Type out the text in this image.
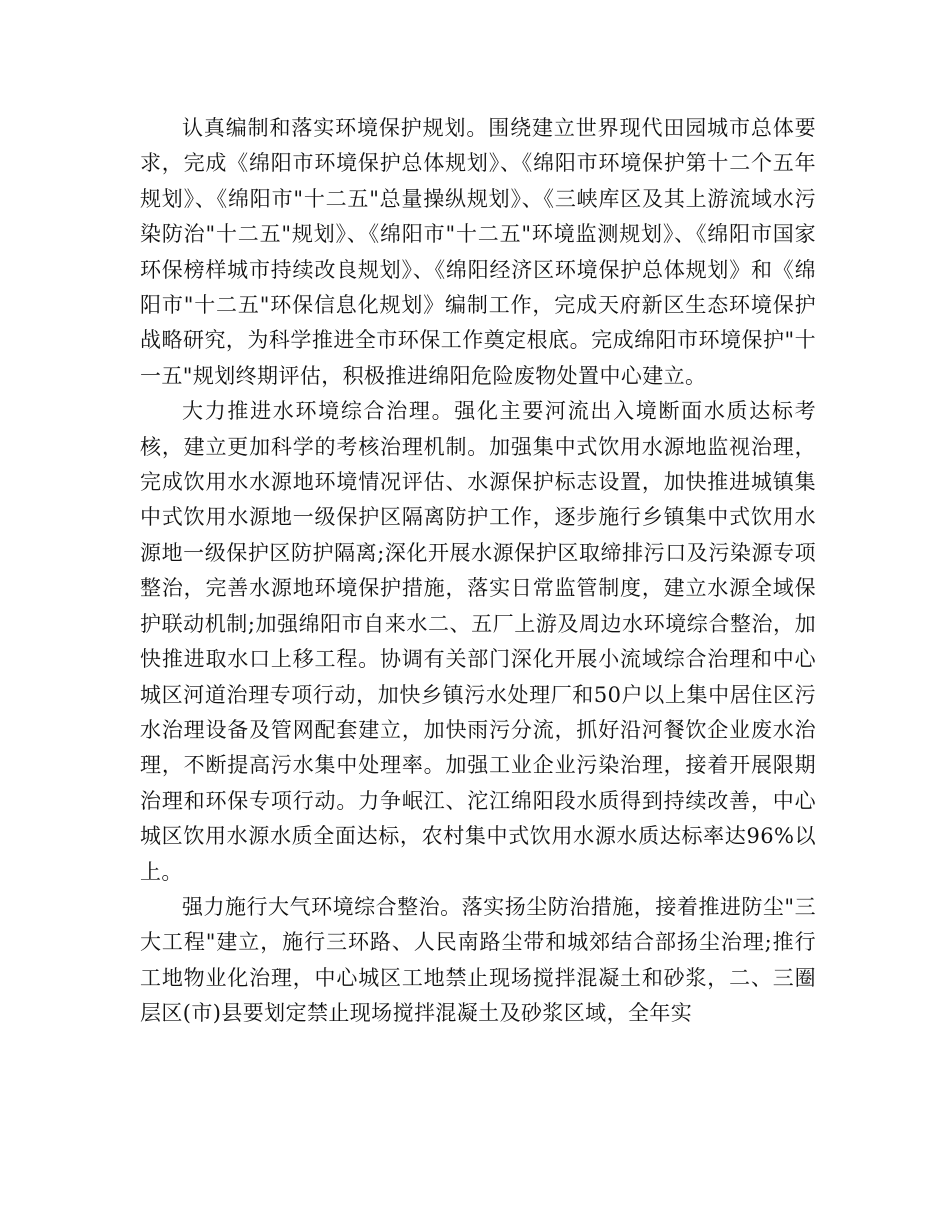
认真编制和落实环境保护规划。围绕建立世界现代田园城市总体要求，完成《绵阳市环境保护总体规划》、《绵阳市环境保护第十二个五年规划》、《绵阳市"十二五"总量操纵规划》、《三峡库区及其上游流域水污染防治"十二五"规划》、《绵阳市"十二五"环境监测规划》、《绵阳市国家环保榜样城市持续改良规划》、《绵阳经济区环境保护总体规划》和《绵阳市"十二五"环保信息化规划》编制工作，完成天府新区生态环境保护战略研究，为科学推进全市环保工作奠定根底。完成绵阳市环境保护"十一五"规划终期评估，积极推进绵阳危险废物处置中心建立。

大力推进水环境综合治理。强化主要河流出入境断面水质达标考核，建立更加科学的考核治理机制。加强集中式饮用水源地监视治理，完成饮用水水源地环境情况评估、水源保护标志设置，加快推进城镇集中式饮用水源地一级保护区隔离防护工作，逐步施行乡镇集中式饮用水源地一级保护区防护隔离;深化开展水源保护区取缔排污口及污染源专项整治，完善水源地环境保护措施，落实日常监管制度，建立水源全域保护联动机制;加强绵阳市自来水二、五厂上游及周边水环境综合整治，加快推进取水口上移工程。协调有关部门深化开展小流域综合治理和中心城区河道治理专项行动，加快乡镇污水处理厂和50户以上集中居住区污水治理设备及管网配套建立，加快雨污分流，抓好沿河餐饮企业废水治理，不断提高污水集中处理率。加强工业企业污染治理，接着开展限期治理和环保专项行动。力争岷江、沱江绵阳段水质得到持续改善，中心城区饮用水源水质全面达标，农村集中式饮用水源水质达标率达96%以上。

强力施行大气环境综合整治。落实扬尘防治措施，接着推进防尘"三大工程"建立，施行三环路、人民南路尘带和城郊结合部扬尘治理;推行工地物业化治理，中心城区工地禁止现场搅拌混凝土和砂浆，二、三圈层区(市)县要划定禁止现场搅拌混凝土及砂浆区域，全年实
